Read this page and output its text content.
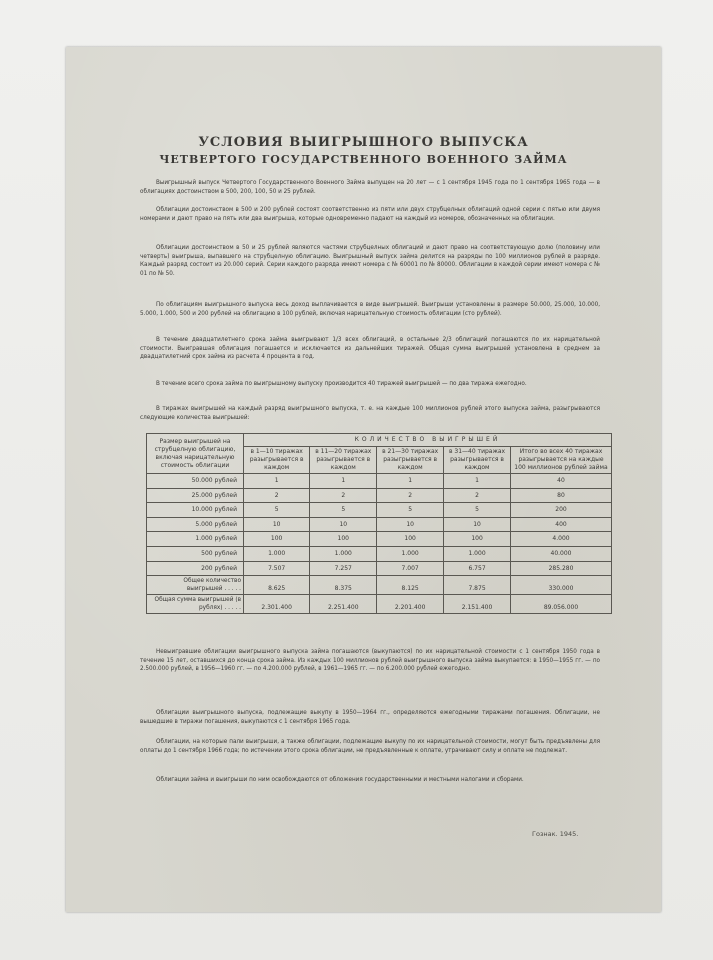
УСЛОВИЯ ВЫИГРЫШНОГО ВЫПУСКА
ЧЕТВЕРТОГО ГОСУДАРСТВЕННОГО ВОЕННОГО ЗАЙМА

Выигрышный выпуск Четвертого Государственного Военного Займа выпущен на 20 лет — с 1 сентября 1945 года по 1 сентября 1965 года — в облигациях достоинством в 500, 200, 100, 50 и 25 рублей.

Облигации достоинством в 500 и 200 рублей состоят соответственно из пяти или двух струбцелных облигаций одной серии с пятью или двумя номерами и дают право на пять или два выигрыша, которые одновременно падают на каждый из номеров, обозначенных на облигации.

Облигации достоинством в 50 и 25 рублей являются частями струбцелных облигаций и дают право на соответствующую долю (половину или четверть) выигрыша, выпавшего на струбцелную облигацию. Выигрышный выпуск займа делится на разряды по 100 миллионов рублей в разряде. Каждый разряд состоит из 20.000 серий. Серии каждого разряда имеют номера с № 60001 по № 80000. Облигации в каждой серии имеют номера с № 01 по № 50.

По облигациям выигрышного выпуска весь доход выплачивается в виде выигрышей. Выигрыши установлены в размере 50.000, 25.000, 10.000, 5.000, 1.000, 500 и 200 рублей на облигацию в 100 рублей, включая нарицательную стоимость облигации (сто рублей).

В течение двадцатилетнего срока займа выигрывают 1/3 всех облигаций, в остальные 2/3 облигаций погашаются по их нарицательной стоимости. Выигравшая облигация погашается и исключается из дальнейших тиражей. Общая сумма выигрышей установлена в среднем за двадцатилетний срок займа из расчета 4 процента в год.

В течение всего срока займа по выигрышному выпуску производится 40 тиражей выигрышей — по два тиража ежегодно.

В тиражах выигрышей на каждый разряд выигрышного выпуска, т. е. на каждые 100 миллионов рублей этого выпуска займа, разыгрываются следующие количества выигрышей:

Размер выигрышей на струбцелную облигацию, включая нарицательную стоимость облигации	КОЛИЧЕСТВО ВЫИГРЫШЕЙ				
	в 1—10 тиражах разыгрывается в каждом	в 11—20 тиражах разыгрывается в каждом	в 21—30 тиражах разыгрывается в каждом	в 31—40 тиражах разыгрывается в каждом	Итого во всех 40 тиражах разыгрывается на каждые 100 миллионов рублей займа
50.000 рублей	1	1	1	1	40
25.000 рублей	2	2	2	2	80
10.000 рублей	5	5	5	5	200
5.000 рублей	10	10	10	10	400
1.000 рублей	100	100	100	100	4.000
500 рублей	1.000	1.000	1.000	1.000	40.000
200 рублей	7.507	7.257	7.007	6.757	285.280
Общее количество выигрышей . . . . .	8.625	8.375	8.125	7.875	330.000
Общая сумма выигрышей (в рублях) . . . . .	2.301.400	2.251.400	2.201.400	2.151.400	89.056.000

Невыигравшие облигации выигрышного выпуска займа погашаются (выкупаются) по их нарицательной стоимости с 1 сентября 1950 года в течение 15 лет, оставшихся до конца срока займа. Из каждых 100 миллионов рублей выигрышного выпуска займа выкупается: в 1950—1955 гг. — по 2.500.000 рублей, в 1956—1960 гг. — по 4.200.000 рублей, в 1961—1965 гг. — по 6.200.000 рублей ежегодно.

Облигации выигрышного выпуска, подлежащие выкупу в 1950—1964 гг., определяются ежегодными тиражами погашения. Облигации, не вышедшие в тиражи погашения, выкупаются с 1 сентября 1965 года.

Облигации, на которые пали выигрыши, а также облигации, подлежащие выкупу по их нарицательной стоимости, могут быть предъявлены для оплаты до 1 сентября 1966 года; по истечении этого срока облигации, не предъявленные к оплате, утрачивают силу и оплате не подлежат.

Облигации займа и выигрыши по ним освобождаются от обложения государственными и местными налогами и сборами.

Гознак. 1945.
